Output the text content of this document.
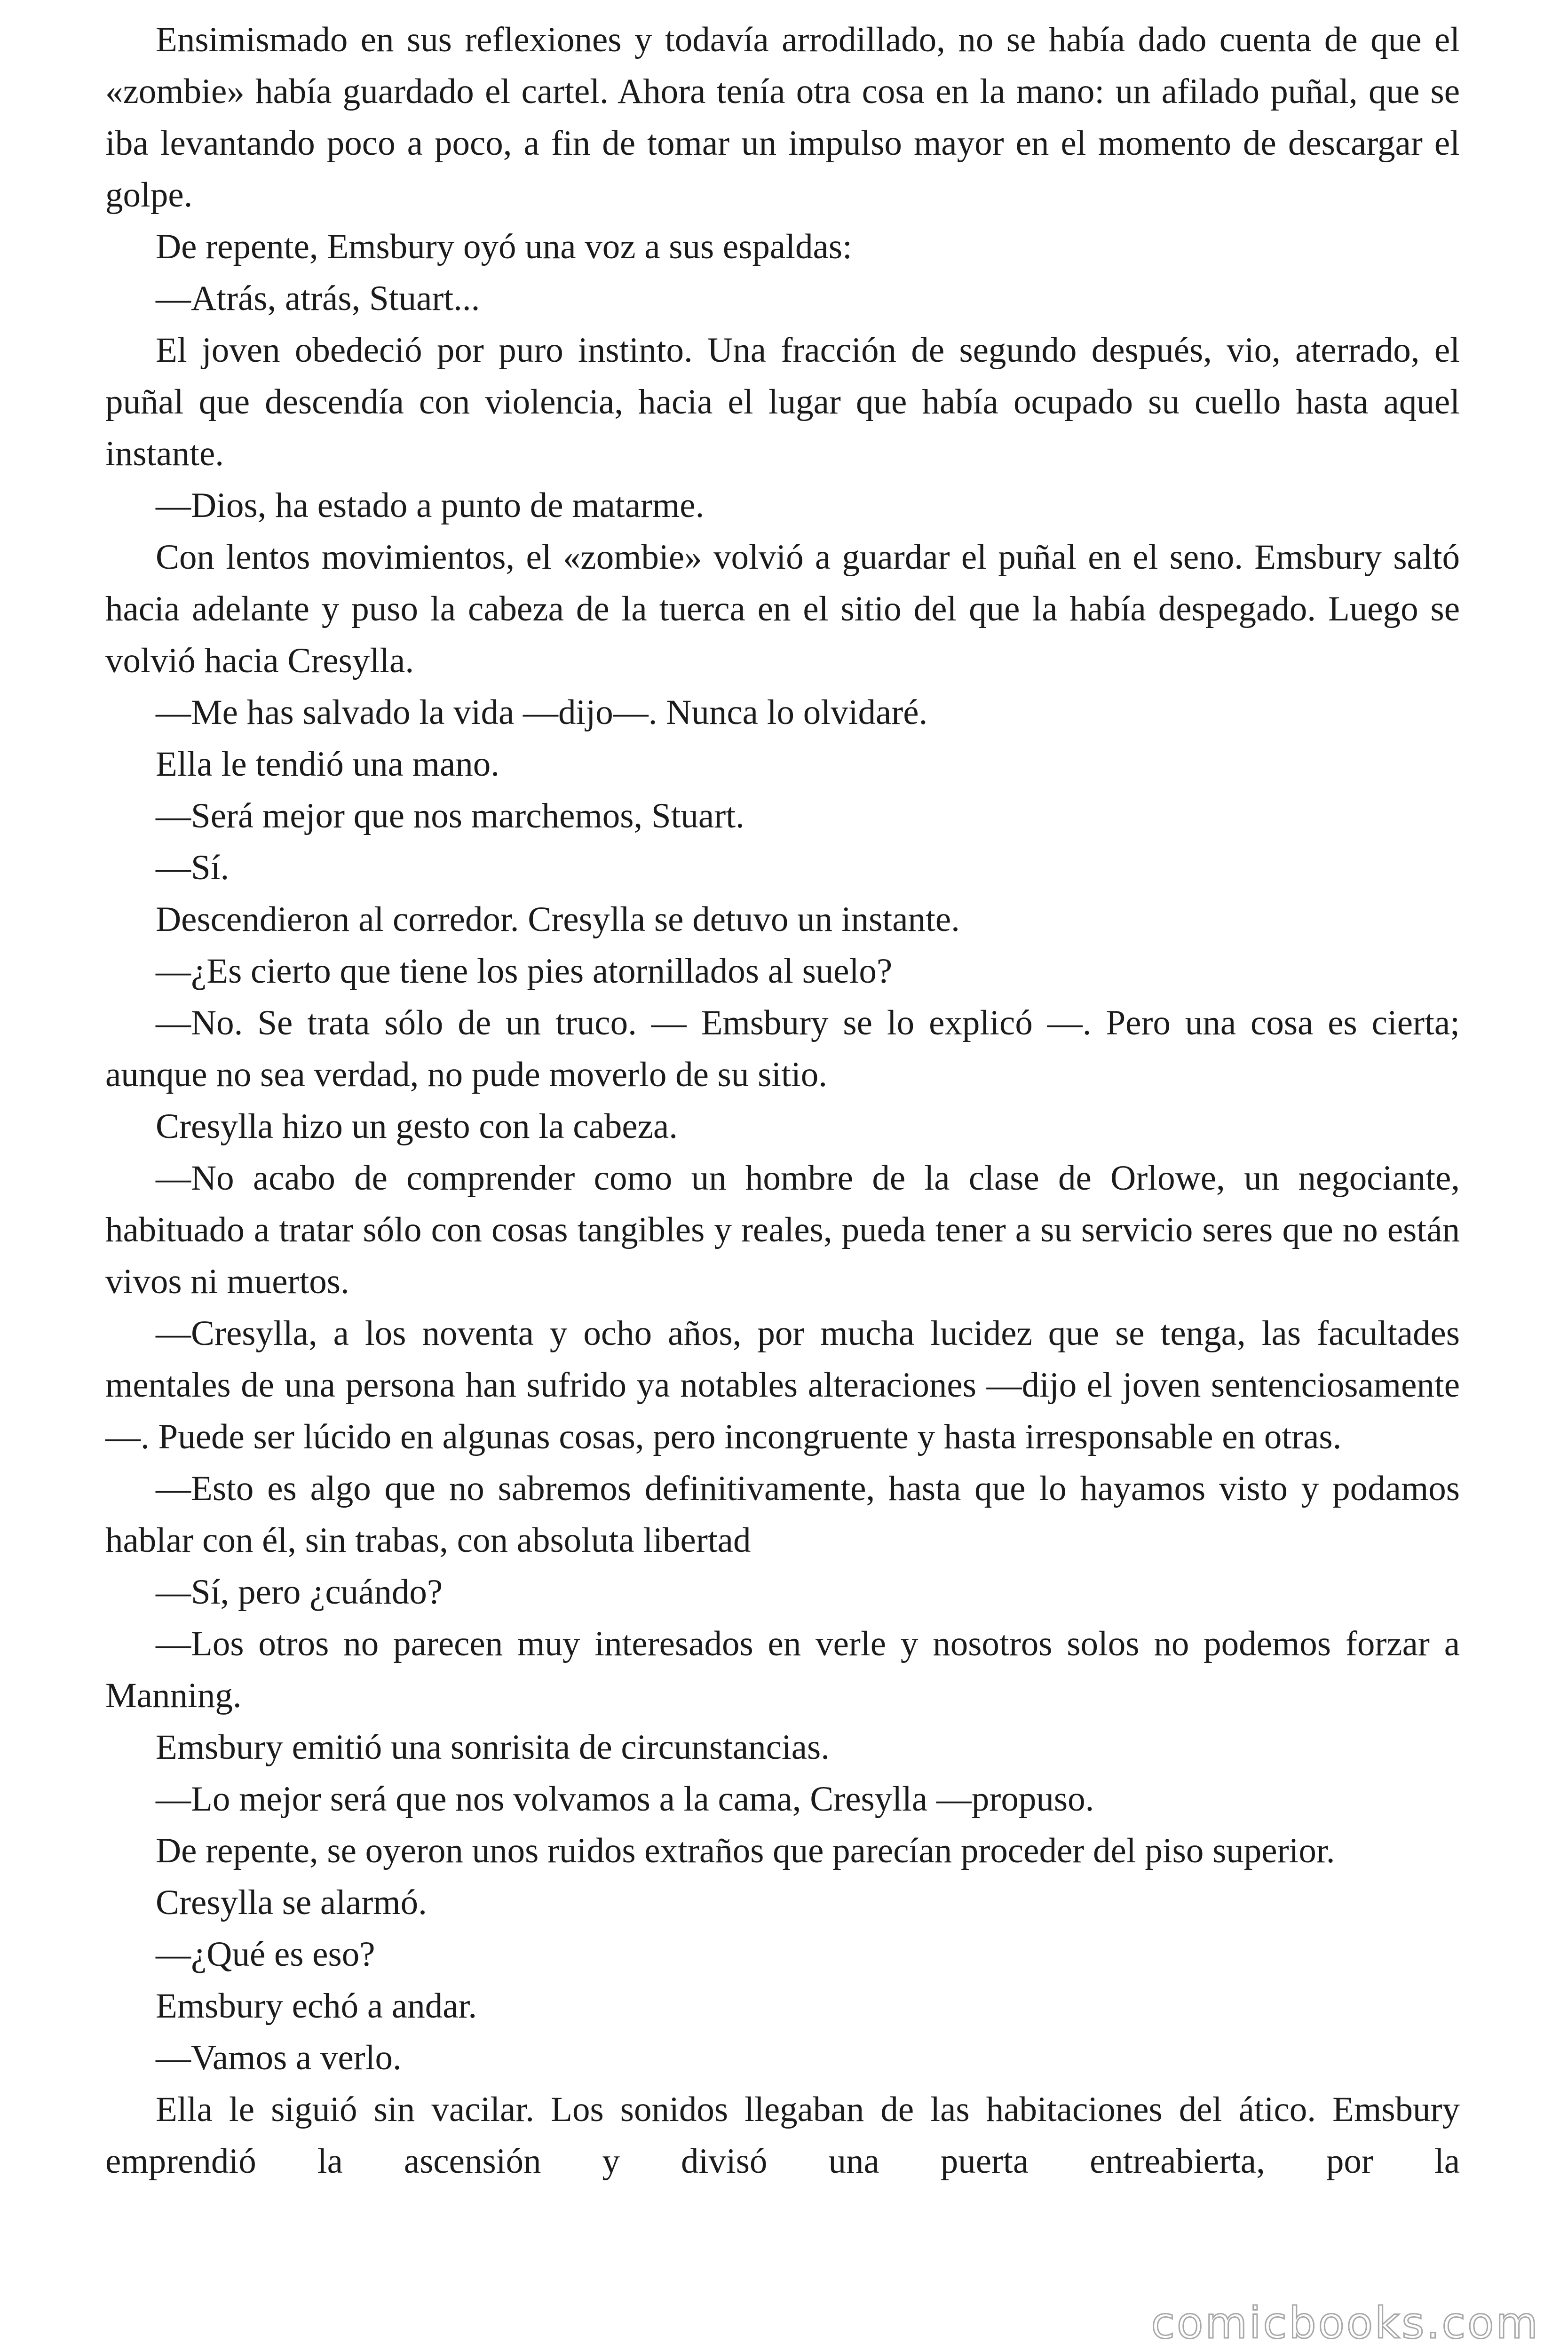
Ensimismado en sus reflexiones y todavía arrodillado, no se había dado cuenta de que el «zombie» había guardado el cartel. Ahora tenía otra cosa en la mano: un afilado puñal, que se iba levantando poco a poco, a fin de tomar un impulso mayor en el momento de descargar el golpe.

De repente, Emsbury oyó una voz a sus espaldas:

—Atrás, atrás, Stuart...

El joven obedeció por puro instinto. Una fracción de segundo después, vio, aterrado, el puñal que descendía con violencia, hacia el lugar que había ocupado su cuello hasta aquel instante.

—Dios, ha estado a punto de matarme.

Con lentos movimientos, el «zombie» volvió a guardar el puñal en el seno. Emsbury saltó hacia adelante y puso la cabeza de la tuerca en el sitio del que la había despegado. Luego se volvió hacia Cresylla.

—Me has salvado la vida —dijo—. Nunca lo olvidaré.

Ella le tendió una mano.

—Será mejor que nos marchemos, Stuart.

—Sí.

Descendieron al corredor. Cresylla se detuvo un instante.

—¿Es cierto que tiene los pies atornillados al suelo?

—No. Se trata sólo de un truco. — Emsbury se lo explicó —. Pero una cosa es cierta; aunque no sea verdad, no pude moverlo de su sitio.

Cresylla hizo un gesto con la cabeza.

—No acabo de comprender como un hombre de la clase de Orlowe, un negociante, habituado a tratar sólo con cosas tangibles y reales, pueda tener a su servicio seres que no están vivos ni muertos.

—Cresylla, a los noventa y ocho años, por mucha lucidez que se tenga, las facultades mentales de una persona han sufrido ya notables alteraciones —dijo el joven sentenciosamente—. Puede ser lúcido en algunas cosas, pero incongruente y hasta irresponsable en otras.

—Esto es algo que no sabremos definitivamente, hasta que lo hayamos visto y podamos hablar con él, sin trabas, con absoluta libertad

—Sí, pero ¿cuándo?

—Los otros no parecen muy interesados en verle y nosotros solos no podemos forzar a Manning.

Emsbury emitió una sonrisita de circunstancias.

—Lo mejor será que nos volvamos a la cama, Cresylla —propuso.

De repente, se oyeron unos ruidos extraños que parecían proceder del piso superior.

Cresylla se alarmó.

—¿Qué es eso?

Emsbury echó a andar.

—Vamos a verlo.

Ella le siguió sin vacilar. Los sonidos llegaban de las habitaciones del ático. Emsbury emprendió la ascensión y divisó una puerta entreabierta, por la

comicbooks.com
